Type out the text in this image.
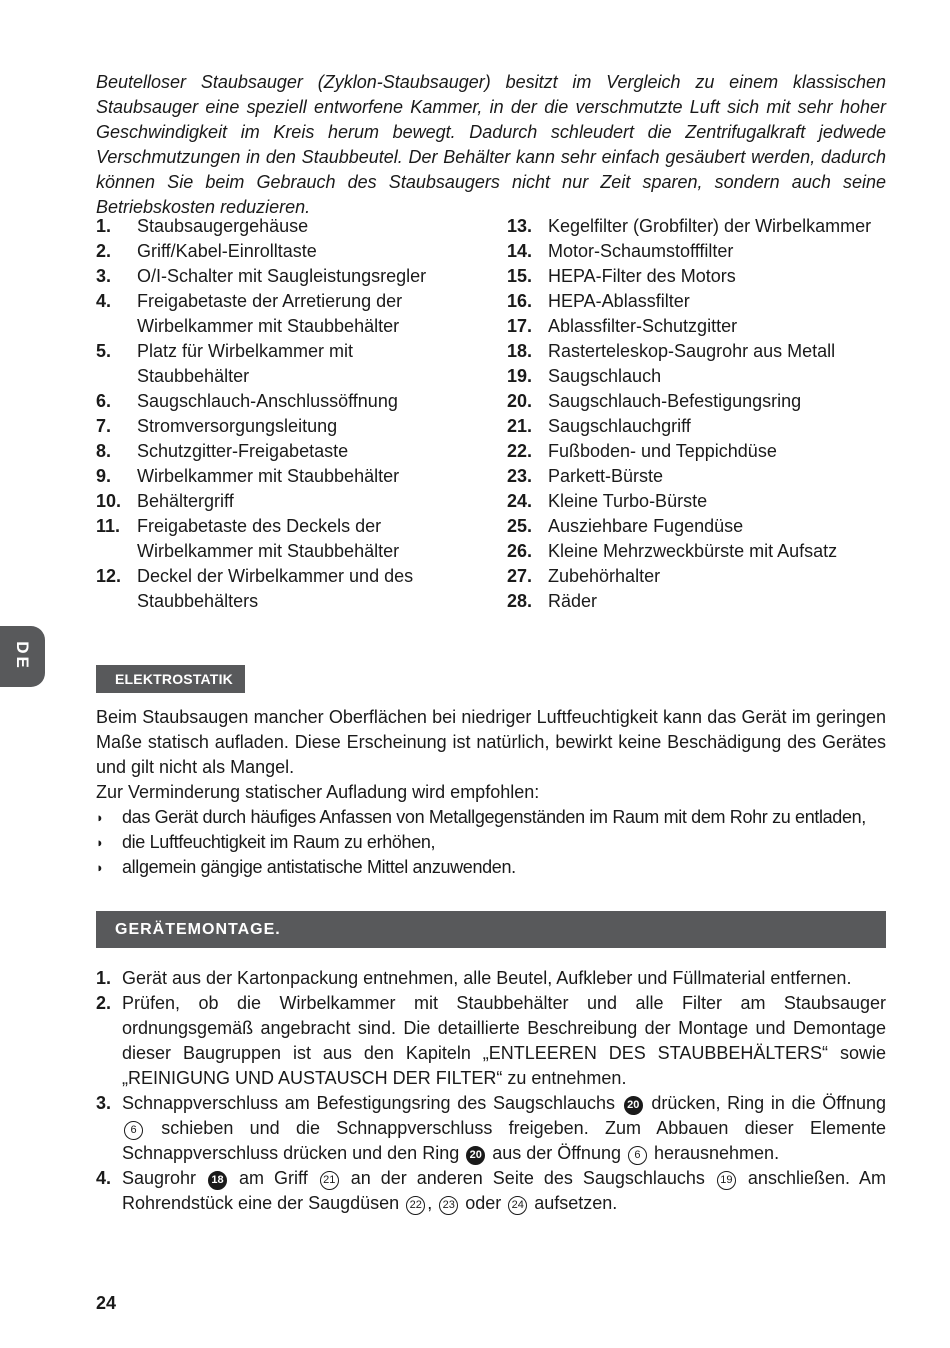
Beutelloser Staubsauger (Zyklon-Staubsauger) besitzt im Vergleich zu einem klassischen Staubsauger eine speziell entworfene Kammer, in der die verschmutzte Luft sich mit sehr hoher Geschwindigkeit im Kreis herum bewegt. Dadurch schleudert die Zentrifugalkraft jedwede Verschmutzungen in den Staubbeutel. Der Behälter kann sehr einfach gesäubert werden, dadurch können Sie beim Gebrauch des Staubsaugers nicht nur Zeit sparen, sondern auch seine Betriebskosten reduzieren.

1.	Staubsaugergehäuse
2.	Griff/Kabel-Einrolltaste
3.	O/I-Schalter mit Saugleistungsregler
4.	Freigabetaste der Arretierung der Wirbelkammer mit Staubbehälter
5.	Platz für Wirbelkammer mit Staubbehälter
6.	Saugschlauch-Anschlussöffnung
7.	Stromversorgungsleitung
8.	Schutzgitter-Freigabetaste
9.	Wirbelkammer mit Staubbehälter
10. Behältergriff
11. Freigabetaste des Deckels der Wirbelkammer mit Staubbehälter
12. Deckel der Wirbelkammer und des Staubbehälters
13. Kegelfilter (Grobfilter) der Wirbelkammer
14. Motor-Schaumstofffilter
15. HEPA-Filter des Motors
16. HEPA-Ablassfilter
17. Ablassfilter-Schutzgitter
18. Rasterteleskop-Saugrohr aus Metall
19. Saugschlauch
20. Saugschlauch-Befestigungsring
21. Saugschlauchgriff
22. Fußboden- und Teppichdüse
23. Parkett-Bürste
24. Kleine Turbo-Bürste
25. Ausziehbare Fugendüse
26. Kleine Mehrzweckbürste mit Aufsatz
27. Zubehörhalter
28. Räder
DE
ELEKTROSTATIK

Beim Staubsaugen mancher Oberflächen bei niedriger Luftfeuchtigkeit kann das Gerät im geringen Maße statisch aufladen. Diese Erscheinung ist natürlich, bewirkt keine Beschädigung des Gerätes und gilt nicht als Mangel.

Zur Verminderung statischer Aufladung wird empfohlen:

◗	das Gerät durch häufiges Anfassen von Metallgegenständen im Raum mit dem Rohr zu entladen,
◗	die Luftfeuchtigkeit im Raum zu erhöhen,
◗	allgemein gängige antistatische Mittel anzuwenden.
GERÄTEMONTAGE.
1. Gerät aus der Kartonpackung entnehmen, alle Beutel, Aufkleber und Füllmaterial entfernen.
2. Prüfen, ob die Wirbelkammer mit Staubbehälter und alle Filter am Staubsauger ordnungsgemäß angebracht sind. Die detaillierte Beschreibung der Montage und Demontage dieser Baugruppen ist aus den Kapiteln „ENTLEEREN DES STAUBBEHÄLTERS“ sowie „REINIGUNG UND AUSTAUSCH DER FILTER“ zu entnehmen.
3. Schnappverschluss am Befestigungsring des Saugschlauchs 20 drücken, Ring in die Öffnung 6 schieben und die Schnappverschluss freigeben. Zum Abbauen dieser Elemente Schnappverschluss drücken und den Ring 20 aus der Öffnung 6 herausnehmen.
4. Saugrohr 18 am Griff 21 an der anderen Seite des Saugschlauchs 19 anschließen. Am Rohrendstück eine der Saugdüsen 22 , 23 oder 24 aufsetzen.
24
